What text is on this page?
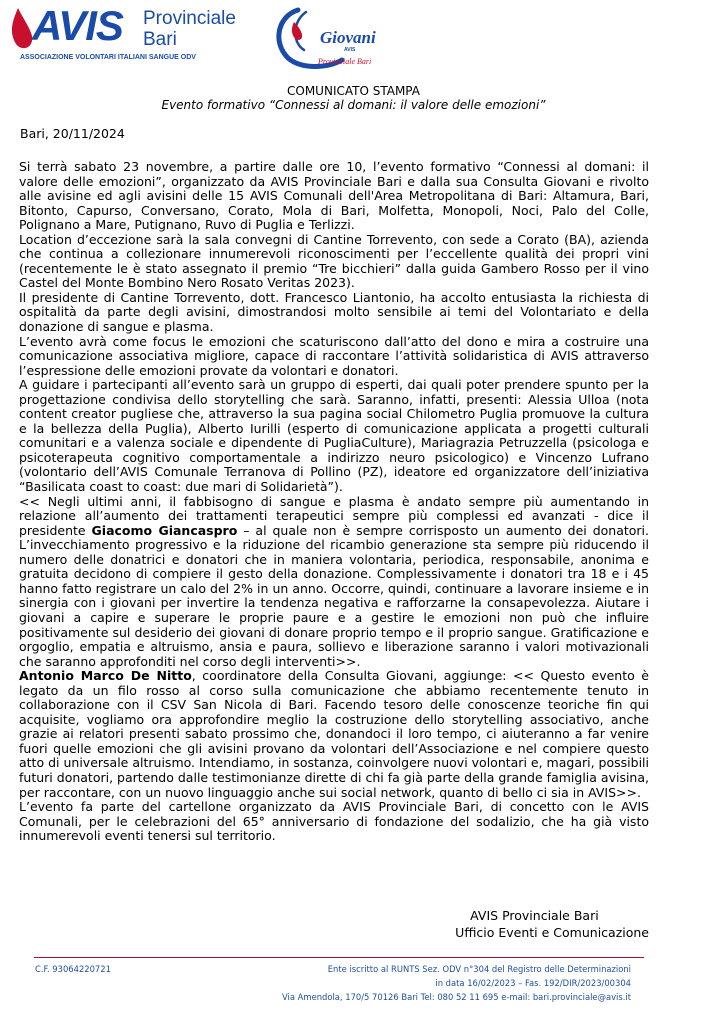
AVIS Provinciale
Bari
ASSOCIAZIONE VOLONTARI ITALIANI SANGUE ODV
Giovani
AVIS
Provinciale Bari
COMUNICATO STAMPA
Evento formativo “Connessi al domani: il valore delle emozioni”
Bari, 20/11/2024

Si terrà sabato 23 novembre, a partire dalle ore 10, l’evento formativo “Connessi al domani: il valore delle emozioni”, organizzato da AVIS Provinciale Bari e dalla sua Consulta Giovani e rivolto alle avisine ed agli avisini delle 15 AVIS Comunali dell'Area Metropolitana di Bari: Altamura, Bari, Bitonto, Capurso, Conversano, Corato, Mola di Bari, Molfetta, Monopoli, Noci, Palo del Colle, Polignano a Mare, Putignano, Ruvo di Puglia e Terlizzi.

Location d’eccezione sarà la sala convegni di Cantine Torrevento, con sede a Corato (BA), azienda che continua a collezionare innumerevoli riconoscimenti per l’eccellente qualità dei propri vini (recentemente le è stato assegnato il premio “Tre bicchieri” dalla guida Gambero Rosso per il vino Castel del Monte Bombino Nero Rosato Veritas 2023).

Il presidente di Cantine Torrevento, dott. Francesco Liantonio, ha accolto entusiasta la richiesta di ospitalità da parte degli avisini, dimostrandosi molto sensibile ai temi del Volontariato e della donazione di sangue e plasma.

L’evento avrà come focus le emozioni che scaturiscono dall’atto del dono e mira a costruire una comunicazione associativa migliore, capace di raccontare l’attività solidaristica di AVIS attraverso l’espressione delle emozioni provate da volontari e donatori.

A guidare i partecipanti all’evento sarà un gruppo di esperti, dai quali poter prendere spunto per la progettazione condivisa dello storytelling che sarà. Saranno, infatti, presenti: Alessia Ulloa (nota content creator pugliese che, attraverso la sua pagina social Chilometro Puglia promuove la cultura e la bellezza della Puglia), Alberto Iurilli (esperto di comunicazione applicata a progetti culturali comunitari e a valenza sociale e dipendente di PugliaCulture), Mariagrazia Petruzzella (psicologa e psicoterapeuta cognitivo comportamentale a indirizzo neuro psicologico) e Vincenzo Lufrano (volontario dell’AVIS Comunale Terranova di Pollino (PZ), ideatore ed organizzatore dell’iniziativa “Basilicata coast to coast: due mari di Solidarietà”).

<< Negli ultimi anni, il fabbisogno di sangue e plasma è andato sempre più aumentando in relazione all’aumento dei trattamenti terapeutici sempre più complessi ed avanzati - dice il presidente Giacomo Giancaspro – al quale non è sempre corrisposto un aumento dei donatori. L’invecchiamento progressivo e la riduzione del ricambio generazione sta sempre più riducendo il numero delle donatrici e donatori che in maniera volontaria, periodica, responsabile, anonima e gratuita decidono di compiere il gesto della donazione. Complessivamente i donatori tra 18 e i 45 hanno fatto registrare un calo del 2% in un anno. Occorre, quindi, continuare a lavorare insieme e in sinergia con i giovani per invertire la tendenza negativa e rafforzarne la consapevolezza. Aiutare i giovani a capire e superare le proprie paure e a gestire le emozioni non può che influire positivamente sul desiderio dei giovani di donare proprio tempo e il proprio sangue. Gratificazione e orgoglio, empatia e altruismo, ansia e paura, sollievo e liberazione saranno i valori motivazionali che saranno approfonditi nel corso degli interventi>>.

Antonio Marco De Nitto, coordinatore della Consulta Giovani, aggiunge: << Questo evento è legato da un filo rosso al corso sulla comunicazione che abbiamo recentemente tenuto in collaborazione con il CSV San Nicola di Bari. Facendo tesoro delle conoscenze teoriche fin qui acquisite, vogliamo ora approfondire meglio la costruzione dello storytelling associativo, anche grazie ai relatori presenti sabato prossimo che, donandoci il loro tempo, ci aiuteranno a far venire fuori quelle emozioni che gli avisini provano da volontari dell’Associazione e nel compiere questo atto di universale altruismo. Intendiamo, in sostanza, coinvolgere nuovi volontari e, magari, possibili futuri donatori, partendo dalle testimonianze dirette di chi fa già parte della grande famiglia avisina, per raccontare, con un nuovo linguaggio anche sui social network, quanto di bello ci sia in AVIS>>.

L’evento fa parte del cartellone organizzato da AVIS Provinciale Bari, di concetto con le AVIS Comunali, per le celebrazioni del 65° anniversario di fondazione del sodalizio, che ha già visto innumerevoli eventi tenersi sul territorio.

AVIS Provinciale Bari
Ufficio Eventi e Comunicazione
C.F. 93064220721	Ente iscritto al RUNTS Sez. ODV n°304 del Registro delle Determinazioni
in data 16/02/2023 – Fas. 192/DIR/2023/00304
Via Amendola, 170/5 70126 Bari Tel: 080 52 11 695 e-mail: bari.provinciale@avis.it
